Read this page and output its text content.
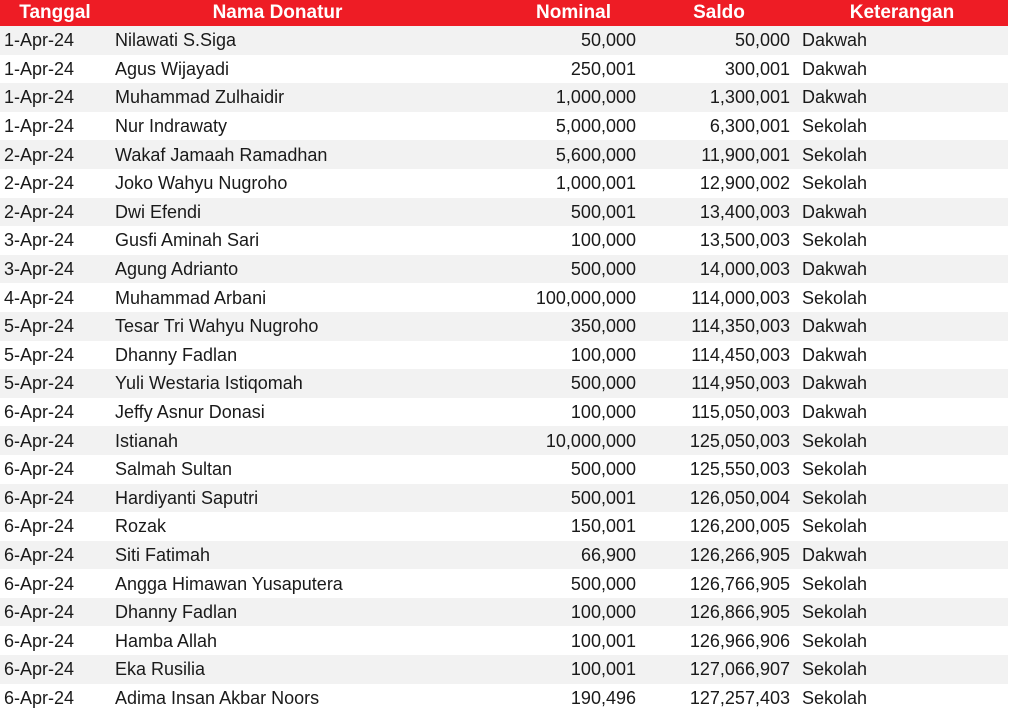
Tanggal	Nama Donatur	Nominal	Saldo	Keterangan
1-Apr-24	Nilawati S.Siga	50,000	50,000 Dakwah
1-Apr-24	Agus Wijayadi	250,001	300,001 Dakwah
1-Apr-24	Muhammad Zulhaidir	1,000,000	1,300,001 Dakwah
1-Apr-24	Nur Indrawaty	5,000,000	6,300,001 Sekolah
2-Apr-24	Wakaf Jamaah Ramadhan	5,600,000	11,900,001 Sekolah
2-Apr-24	Joko Wahyu Nugroho	1,000,001	12,900,002 Sekolah
2-Apr-24	Dwi Efendi	500,001	13,400,003 Dakwah
3-Apr-24	Gusfi Aminah Sari	100,000	13,500,003 Sekolah
3-Apr-24	Agung Adrianto	500,000	14,000,003 Dakwah
4-Apr-24	Muhammad Arbani	100,000,000	114,000,003 Sekolah
5-Apr-24	Tesar Tri Wahyu Nugroho	350,000	114,350,003 Dakwah
5-Apr-24	Dhanny Fadlan	100,000	114,450,003 Dakwah
5-Apr-24	Yuli Westaria Istiqomah	500,000	114,950,003 Dakwah
6-Apr-24	Jeffy Asnur Donasi	100,000	115,050,003 Dakwah
6-Apr-24	Istianah	10,000,000	125,050,003 Sekolah
6-Apr-24	Salmah Sultan	500,000	125,550,003 Sekolah
6-Apr-24	Hardiyanti Saputri	500,001	126,050,004 Sekolah
6-Apr-24	Rozak	150,001	126,200,005 Sekolah
6-Apr-24	Siti Fatimah	66,900	126,266,905 Dakwah
6-Apr-24	Angga Himawan Yusaputera	500,000	126,766,905 Sekolah
6-Apr-24	Dhanny Fadlan	100,000	126,866,905 Sekolah
6-Apr-24	Hamba Allah	100,001	126,966,906 Sekolah
6-Apr-24	Eka Rusilia	100,001	127,066,907 Sekolah
6-Apr-24	Adima Insan Akbar Noors	190,496	127,257,403 Sekolah
